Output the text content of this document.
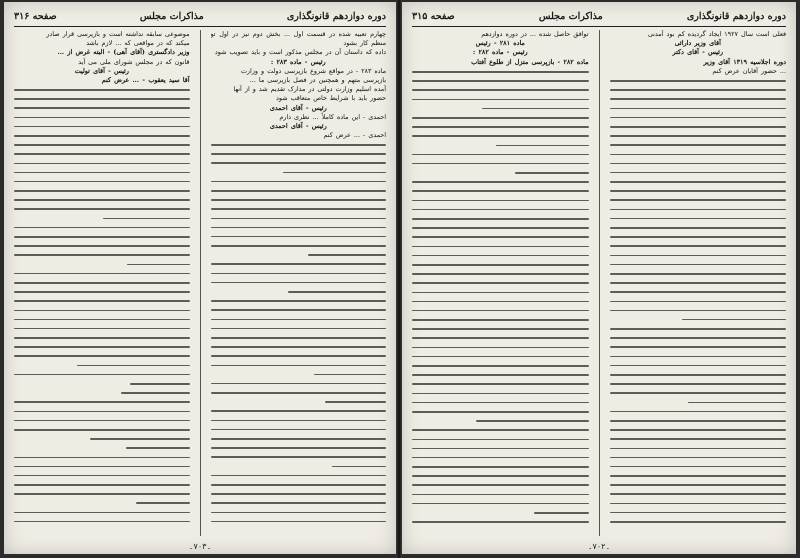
دوره دوازدهم قانونگذاری
مذاکرات مجلس
صفحه ۳۱۶

چهارم تعبیه شده در قسمت اول ... بخش دوم نیز در اول تو منظم کار بشود

داده که داستان آن در مجلس مذکور است و باید تصویب شود

رئیس - ماده ۲۸۳ :

ماده ۲۸۳ - در مواقع شروع بازپرسی دولت و وزارت

بازپرسی متهم و همچنین در فصل بازپرسی ما ...

آمده اسلیم وزارت دولتی در مدارک تقدیم شد و از آنها

حضور باید با شرایط خاص متعاقب شود

رئیس - آقای احمدی

احمدی - این ماده کاملاً ... نظری دارم

رئیس - آقای احمدی

احمدی - ... عرض کنم

موضوعی سابقه نداشته است و بازپرسی قرار صادر

میکند که در مواقعی که ... لازم باشد

وزیر دادگستری (آقای آهی) - البته غرض از ...

قانون که در مجلس شورای ملی می آید

رئیس - آقای تولیت

آقا سید یعقوب - ... عرض کنم

۔۷۰۳۔
دوره دوازدهم قانونگذاری
مذاکرات مجلس
صفحه ۳۱۵

فعلی است سال ۱۹۲۷ ایجاد گردیده کم بود آمدنی

آقای وزیر دارائی

رئیس - آقای دکتر

دوره اجلاسیه ۱۳۱۹ آقای وزیر

... حضور آقایان عرض کنم

توافق حاصل شده ... در دوره دوازدهم

ماده ۲۸۱ - رئیس

رئیس - ماده ۲۸۲ :

ماده ۲۸۲ - بازپرسی متزل از طلوع آفتاب

۔۷۰۲۔
